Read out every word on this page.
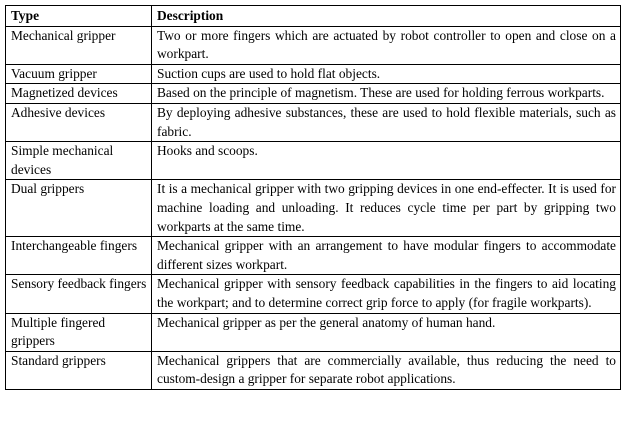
Type	Description
Mechanical gripper	Two or more fingers which are actuated by robot controller to open and close on a workpart.
Vacuum gripper	Suction cups are used to hold flat objects.
Magnetized devices	Based on the principle of magnetism. These are used for holding ferrous workparts.
Adhesive devices	By deploying adhesive substances, these are used to hold flexible materials, such as fabric.
Simple mechanical devices	Hooks and scoops.
Dual grippers	It is a mechanical gripper with two gripping devices in one end-effecter. It is used for machine loading and unloading. It reduces cycle time per part by gripping two workparts at the same time.
Interchangeable fingers	Mechanical gripper with an arrangement to have modular fingers to accommodate different sizes workpart.
Sensory feedback fingers	Mechanical gripper with sensory feedback capabilities in the fingers to aid locating the workpart; and to determine correct grip force to apply (for fragile workparts).
Multiple fingered grippers	Mechanical gripper as per the general anatomy of human hand.
Standard grippers	Mechanical grippers that are commercially available, thus reducing the need to custom-design a gripper for separate robot applications.
